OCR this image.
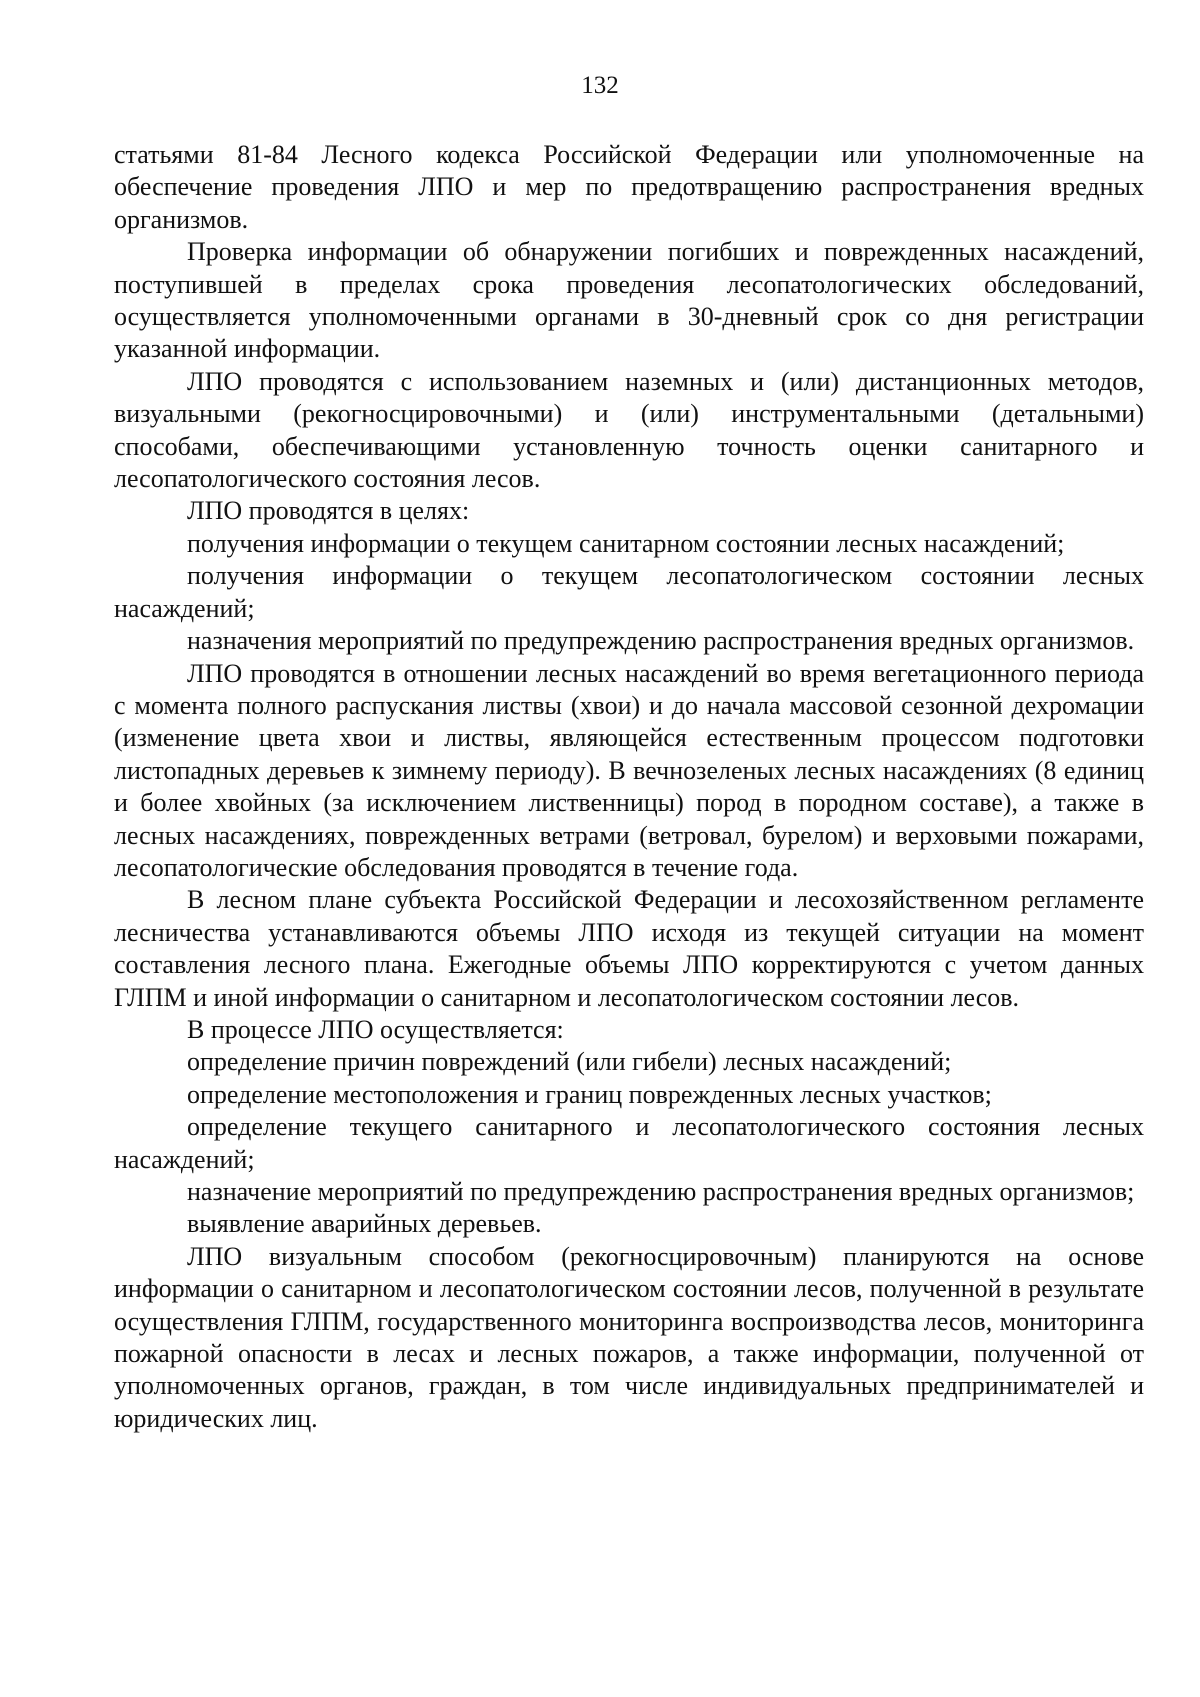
132

статьями 81-84 Лесного кодекса Российской Федерации или уполномоченные на обеспечение проведения ЛПО и мер по предотвращению распространения вредных организмов.

Проверка информации об обнаружении погибших и поврежденных насаждений, поступившей в пределах срока проведения лесопатологических обследований, осуществляется уполномоченными органами в 30-дневный срок со дня регистрации указанной информации.

ЛПО проводятся с использованием наземных и (или) дистанционных методов, визуальными (рекогносцировочными) и (или) инструментальными (детальными) способами, обеспечивающими установленную точность оценки санитарного и лесопатологического состояния лесов.

ЛПО проводятся в целях:

получения информации о текущем санитарном состоянии лесных насаждений;

получения информации о текущем лесопатологическом состоянии лесных насаждений;

назначения мероприятий по предупреждению распространения вредных организмов.

ЛПО проводятся в отношении лесных насаждений во время вегетационного периода с момента полного распускания листвы (хвои) и до начала массовой сезонной дехромации (изменение цвета хвои и листвы, являющейся естественным процессом подготовки листопадных деревьев к зимнему периоду). В вечнозеленых лесных насаждениях (8 единиц и более хвойных (за исключением лиственницы) пород в породном составе), а также в лесных насаждениях, поврежденных ветрами (ветровал, бурелом) и верховыми пожарами, лесопатологические обследования проводятся в течение года.

В лесном плане субъекта Российской Федерации и лесохозяйственном регламенте лесничества устанавливаются объемы ЛПО исходя из текущей ситуации на момент составления лесного плана. Ежегодные объемы ЛПО корректируются с учетом данных ГЛПМ и иной информации о санитарном и лесопатологическом состоянии лесов.

В процессе ЛПО осуществляется:

определение причин повреждений (или гибели) лесных насаждений;

определение местоположения и границ поврежденных лесных участков;

определение текущего санитарного и лесопатологического состояния лесных насаждений;

назначение мероприятий по предупреждению распространения вредных организмов;

выявление аварийных деревьев.

ЛПО визуальным способом (рекогносцировочным) планируются на основе информации о санитарном и лесопатологическом состоянии лесов, полученной в результате осуществления ГЛПМ, государственного мониторинга воспроизводства лесов, мониторинга пожарной опасности в лесах и лесных пожаров, а также информации, полученной от уполномоченных органов, граждан, в том числе индивидуальных предпринимателей и юридических лиц.
